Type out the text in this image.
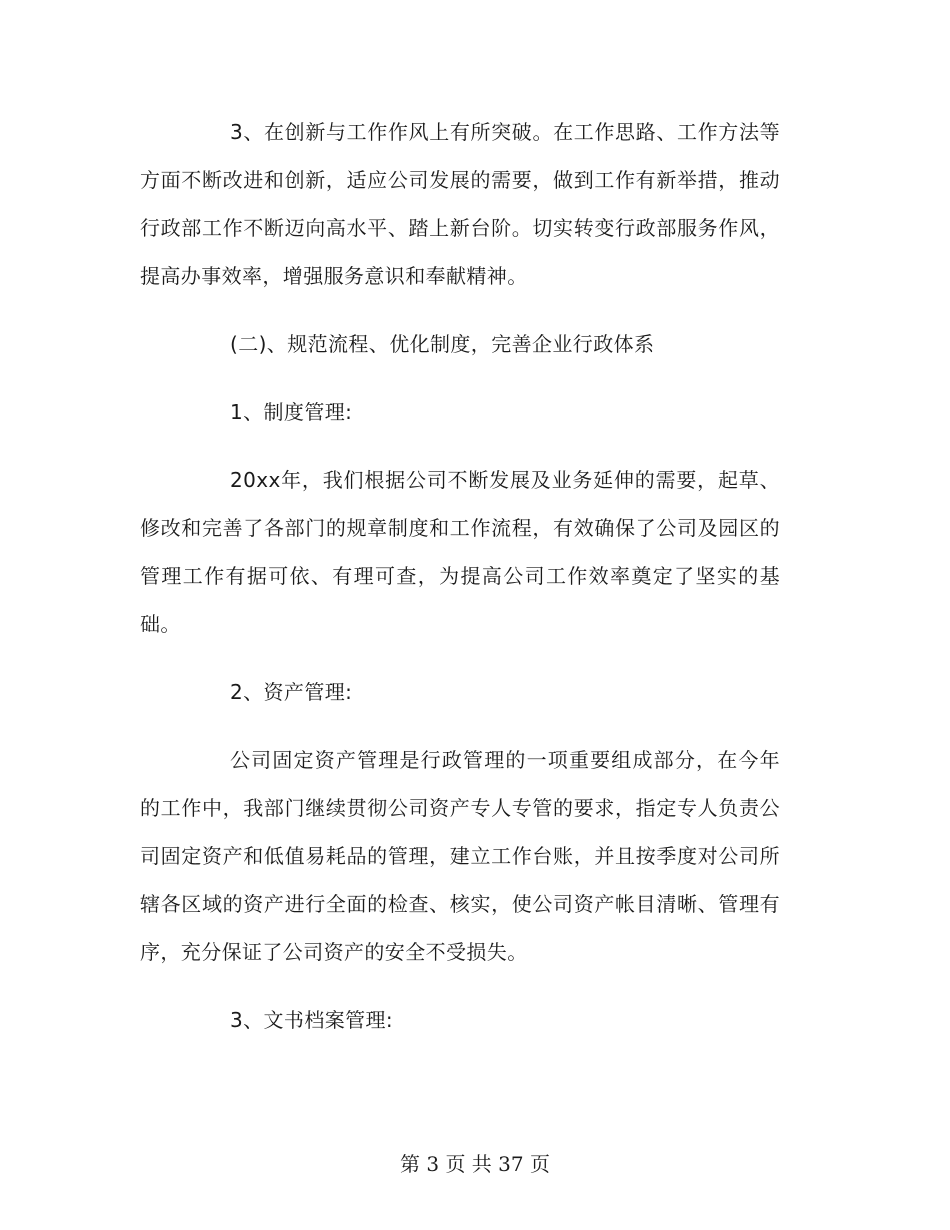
3、在创新与工作作风上有所突破。在工作思路、工作方法等方面不断改进和创新，适应公司发展的需要，做到工作有新举措，推动行政部工作不断迈向高水平、踏上新台阶。切实转变行政部服务作风，提高办事效率，增强服务意识和奉献精神。

(二)、规范流程、优化制度，完善企业行政体系

1、制度管理:

20xx年，我们根据公司不断发展及业务延伸的需要，起草、修改和完善了各部门的规章制度和工作流程，有效确保了公司及园区的管理工作有据可依、有理可查，为提高公司工作效率奠定了坚实的基础。

2、资产管理:

公司固定资产管理是行政管理的一项重要组成部分，在今年的工作中，我部门继续贯彻公司资产专人专管的要求，指定专人负责公司固定资产和低值易耗品的管理，建立工作台账，并且按季度对公司所辖各区域的资产进行全面的检查、核实，使公司资产帐目清晰、管理有序，充分保证了公司资产的安全不受损失。

3、文书档案管理:

第 3 页 共 37 页
